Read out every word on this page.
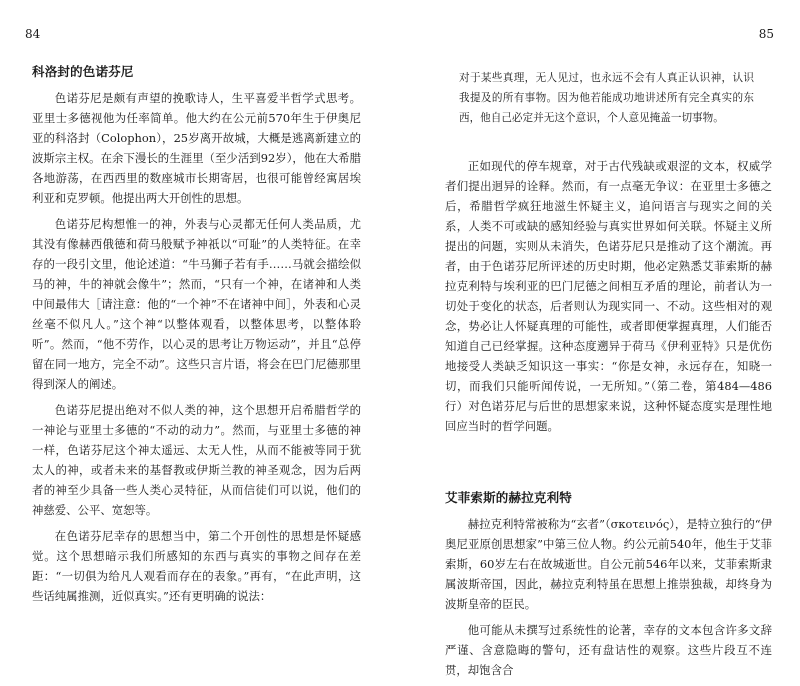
84
科洛封的色诺芬尼

色诺芬尼是颇有声望的挽歌诗人，生平喜爱半哲学式思考。亚里士多德视他为任率简单。他大约在公元前570年生于伊奥尼亚的科洛封（Colophon），25岁离开故城，大概是逃离新建立的波斯宗主权。在余下漫长的生涯里（至少活到92岁），他在大希腊各地游荡，在西西里的数座城市长期寄居，也很可能曾经寓居埃利亚和克罗顿。他提出两大开创性的思想。

色诺芬尼构想惟一的神，外表与心灵都无任何人类品质，尤其没有像赫西俄德和荷马般赋予神祇以“可耻”的人类特征。在幸存的一段引文里，他论述道：“牛马狮子若有手……马就会描绘似马的神，牛的神就会像牛”；然而，“只有一个神，在诸神和人类中间最伟大［请注意：他的“一个神”不在诸神中间］，外表和心灵丝毫不似凡人。”这个神“以整体观看，以整体思考，以整体聆听”。然而，“他不劳作，以心灵的思考让万物运动”，并且“总停留在同一地方，完全不动”。这些只言片语，将会在巴门尼德那里得到深人的阐述。

色诺芬尼提出绝对不似人类的神，这个思想开启希腊哲学的一神论与亚里士多德的“不动的动力”。然而，与亚里士多德的神一样，色诺芬尼这个神太遥远、太无人性，从而不能被等同于犹太人的神，或者未来的基督教或伊斯兰教的神圣观念，因为后两者的神至少具备一些人类心灵特征，从而信徒们可以说，他们的神慈爱、公平、宽恕等。

在色诺芬尼幸存的思想当中，第二个开创性的思想是怀疑感觉。这个思想暗示我们所感知的东西与真实的事物之间存在差距：“一切俱为给凡人观看而存在的表象。”再有，“在此声明，这些话纯属推测，近似真实。”还有更明确的说法：

85

对于某些真理，无人见过，也永远不会有人真正认识神，认识我提及的所有事物。因为他若能成功地讲述所有完全真实的东西，他自己必定并无这个意识，个人意见掩盖一切事物。

正如现代的停车规章，对于古代残缺或艰涩的文本，权威学者们提出迥异的诠释。然而，有一点毫无争议：在亚里士多德之后，希腊哲学疯狂地滋生怀疑主义，追问语言与现实之间的关系，人类不可或缺的感知经验与真实世界如何关联。怀疑主义所提出的问题，实则从未消失，色诺芬尼只是推动了这个潮流。再者，由于色诺芬尼所评述的历史时期，他必定熟悉艾菲索斯的赫拉克利特与埃利亚的巴门尼德之间相互矛盾的理论，前者认为一切处于变化的状态，后者则认为现实同一、不动。这些相对的观念，势必让人怀疑真理的可能性，或者即便掌握真理，人们能否知道自己已经掌握。这种态度遡异于荷马《伊利亚特》只是优伤地接受人类缺乏知识这一事实：“你是女神，永远存在，知晓一切，而我们只能听闻传说，一无所知。”（第二卷，第484—486行）对色诺芬尼与后世的思想家来说，这种怀疑态度实是理性地回应当时的哲学问题。

艾菲索斯的赫拉克利特

赫拉克利特常被称为“玄者”（σκοτεινός），是特立独行的“伊奥尼亚原创思想家”中第三位人物。约公元前540年，他生于艾菲索斯，60岁左右在故城逝世。自公元前546年以来，艾菲索斯隶属波斯帝国，因此，赫拉克利特虽在思想上推崇独裁，却终身为波斯皇帝的臣民。

他可能从未撰写过系统性的论著，幸存的文本包含许多文辞严谨、含意隐晦的警句，还有盘诘性的观察。这些片段互不连贯，却饱含合
